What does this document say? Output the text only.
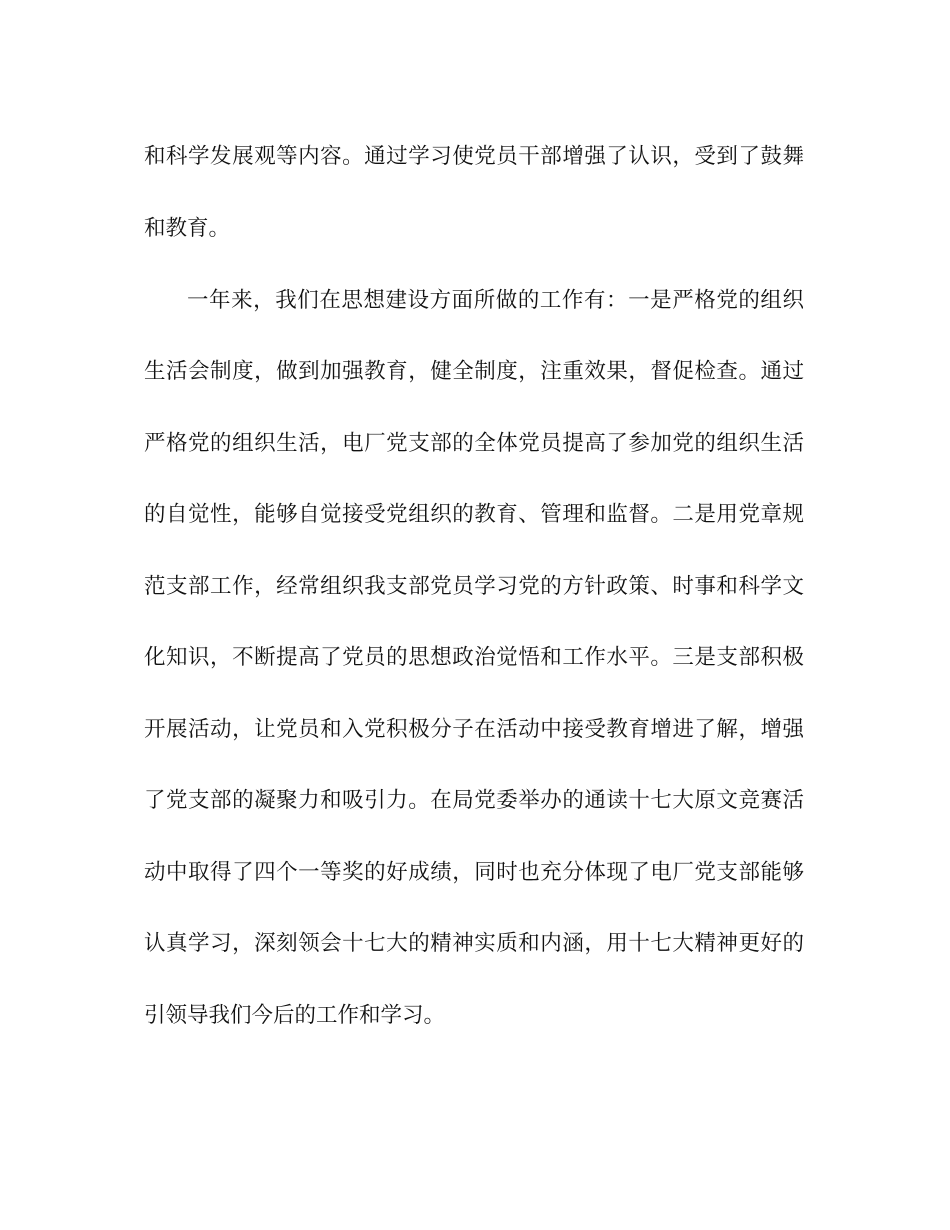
和科学发展观等内容。通过学习使党员干部增强了认识，受到了鼓舞
和教育。
一年来，我们在思想建设方面所做的工作有：一是严格党的组织
生活会制度，做到加强教育，健全制度，注重效果，督促检查。通过
严格党的组织生活，电厂党支部的全体党员提高了参加党的组织生活
的自觉性，能够自觉接受党组织的教育、管理和监督。二是用党章规
范支部工作，经常组织我支部党员学习党的方针政策、时事和科学文
化知识，不断提高了党员的思想政治觉悟和工作水平。三是支部积极
开展活动，让党员和入党积极分子在活动中接受教育增进了解，增强
了党支部的凝聚力和吸引力。在局党委举办的通读十七大原文竞赛活
动中取得了四个一等奖的好成绩，同时也充分体现了电厂党支部能够
认真学习，深刻领会十七大的精神实质和内涵，用十七大精神更好的
引领导我们今后的工作和学习。
